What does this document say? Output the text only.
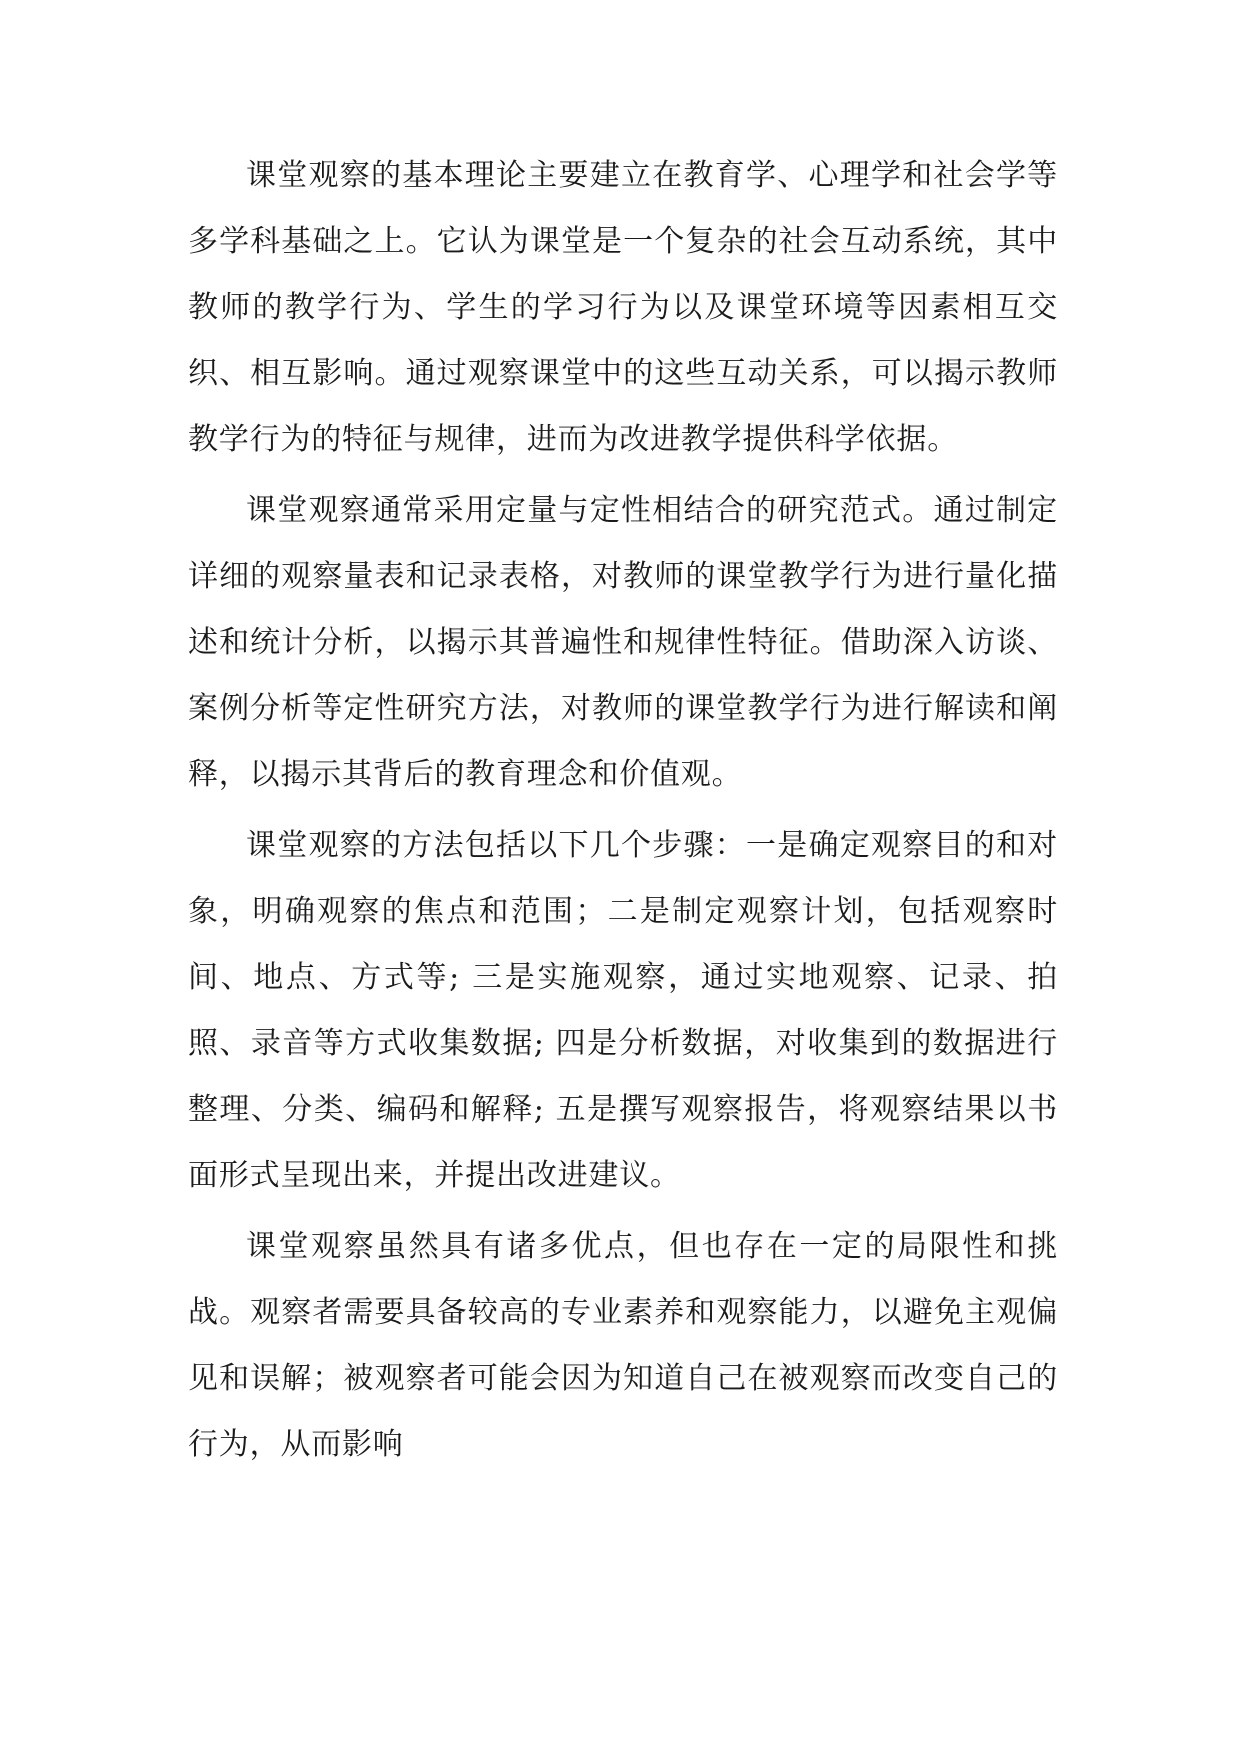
课堂观察的基本理论主要建立在教育学、心理学和社会学等多学科基础之上。它认为课堂是一个复杂的社会互动系统，其中教师的教学行为、学生的学习行为以及课堂环境等因素相互交织、相互影响。通过观察课堂中的这些互动关系，可以揭示教师教学行为的特征与规律，进而为改进教学提供科学依据。

课堂观察通常采用定量与定性相结合的研究范式。通过制定详细的观察量表和记录表格，对教师的课堂教学行为进行量化描述和统计分析，以揭示其普遍性和规律性特征。借助深入访谈、案例分析等定性研究方法，对教师的课堂教学行为进行解读和阐释，以揭示其背后的教育理念和价值观。

课堂观察的方法包括以下几个步骤：一是确定观察目的和对象，明确观察的焦点和范围；二是制定观察计划，包括观察时间、地点、方式等; 三是实施观察，通过实地观察、记录、拍照、录音等方式收集数据; 四是分析数据，对收集到的数据进行整理、分类、编码和解释; 五是撰写观察报告，将观察结果以书面形式呈现出来，并提出改进建议。

课堂观察虽然具有诸多优点，但也存在一定的局限性和挑战。观察者需要具备较高的专业素养和观察能力，以避免主观偏见和误解；被观察者可能会因为知道自己在被观察而改变自己的行为，从而影响
